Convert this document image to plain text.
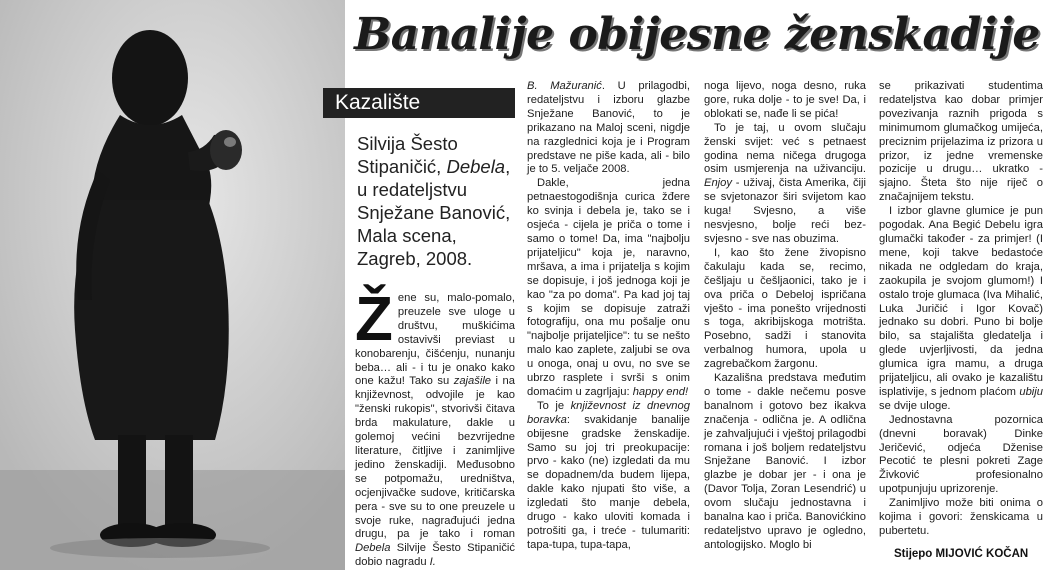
Banalije obijesne ženskadije
Kazalište
Silvija Šesto Stipaničić, Debela, u redateljstvu Snježane Banović, Mala scena, Zagreb, 2008.

Žene su, malo-pomalo, preuzele sve uloge u društvu, muškićima ostavivši previast u konobarenju, čišćenju, nunanju beba… ali - i tu je onako kako one kažu! Tako su zajašile i na književnost, odvojile je kao "ženski rukopis", stvorivši čitava brda makulature, dakle u golemoj većini bezvrijedne literature, čitljive i zanimljive jedino ženskadiji. Međusobno se potpomažu, uredništva, ocjenjivačke sudove, kritičarska pera - sve su to one preuzele u svoje ruke, nagrađujući jedna drugu, pa je tako i roman Debela Silvije Šesto Stipaničić dobio nagradu I.

B. Mažuranić. U prilagodbi, redateljstvu i izboru glazbe Snježane Banović, to je prikazano na Maloj sceni, nigdje na razglednici koja je i Program predstave ne piše kada, ali - bilo je to 5. veljače 2008.

Dakle, jedna petnaestogodišnja curica žđere ko svinja i debela je, tako se i osjeća - cijela je priča o tome i samo o tome! Da, ima "najbolju prijateljicu" koja je, naravno, mršava, a ima i prijatelja s kojim se dopisuje, i još jednoga koji je kao "za po doma". Pa kad joj taj s kojim se dopisuje zatraži fotografiju, ona mu pošalje onu "najbolje prijateljice": tu se nešto malo kao zaplete, zaljubi se ova u onoga, onaj u ovu, no sve se ubrzo rasplete i svrši s onim domaćim u zagrljaju: happy end!

To je književnost iz dnevnog boravka: svakidanje banalije obijesne gradske ženskadije. Samo su joj tri preokupacije: prvo - kako (ne) izgledati da mu se dopadnem/da budem lijepa, dakle kako njupati što više, a izgledati što manje debela, drugo - kako uloviti komada i potrošiti ga, i treće - tulumariti: tapa-tupa, tupa-tapa,

noga lijevo, noga desno, ruka gore, ruka dolje - to je sve! Da, i oblokati se, nađe li se pića!

To je taj, u ovom slučaju ženski svijet: već s petnaest godina nema ničega drugoga osim usmjerenja na uživanciju. Enjoy - uživaj, čista Amerika, čiji se svjetonazor širi svijetom kao kuga! Svjesno, a više nesvjesno, bolje reći bez-svjesno - sve nas obuzima.

I, kao što žene živopisno čakulaju kada se, recimo, češljaju u češljaonici, tako je i ova priča o Debeloj ispričana vješto - ima ponešto vrijednosti s toga, akribijskoga motrišta. Posebno, sadži i stanovita verbalnog humora, upola u zagrebačkom žargonu.

Kazališna predstava međutim o tome - dakle nečemu posve banalnom i gotovo bez ikakva značenja - odlična je. A odlična je zahvaljujući i vještoj prilagodbi romana i još boljem redateljstvu Snježane Banović. I izbor glazbe je dobar jer - i ona je (Davor Tolja, Zoran Lesendrić) u ovom slučaju jednostavna i banalna kao i priča. Banovićkino redateljstvo upravo je ogledno, antologijsko. Moglo bi

se prikazivati studentima redateljstva kao dobar primjer povezivanja raznih prigoda s minimumom glumačkog umijeća, preciznim prijelazima iz prizora u prizor, iz jedne vremenske pozicije u drugu… ukratko - sjajno. Šteta što nije riječ o značajnijem tekstu.

I izbor glavne glumice je pun pogodak. Ana Begić Debelu igra glumački također - za primjer! (I mene, koji takve bedastoće nikada ne odgledam do kraja, zaokupila je svojom glumom!) I ostalo troje glumaca (Iva Mihalić, Luka Juričić i Igor Kovač) jednako su dobri. Puno bi bolje bilo, sa stajališta gledatelja i glede uvjerljivosti, da jedna glumica igra mamu, a druga prijateljicu, ali ovako je kazalištu isplativije, s jednom plaćom ubiju se dvije uloge.

Jednostavna pozornica (dnevni boravak) Dinke Jeričević, odjeća Dženise Pecotić te plesni pokreti Zage Živković profesionalno upotpunjuju uprizorenje.

Zanimljivo može biti onima o kojima i govori: ženskicama u pubertetu.

Stijepo MIJOVIĆ KOČAN
